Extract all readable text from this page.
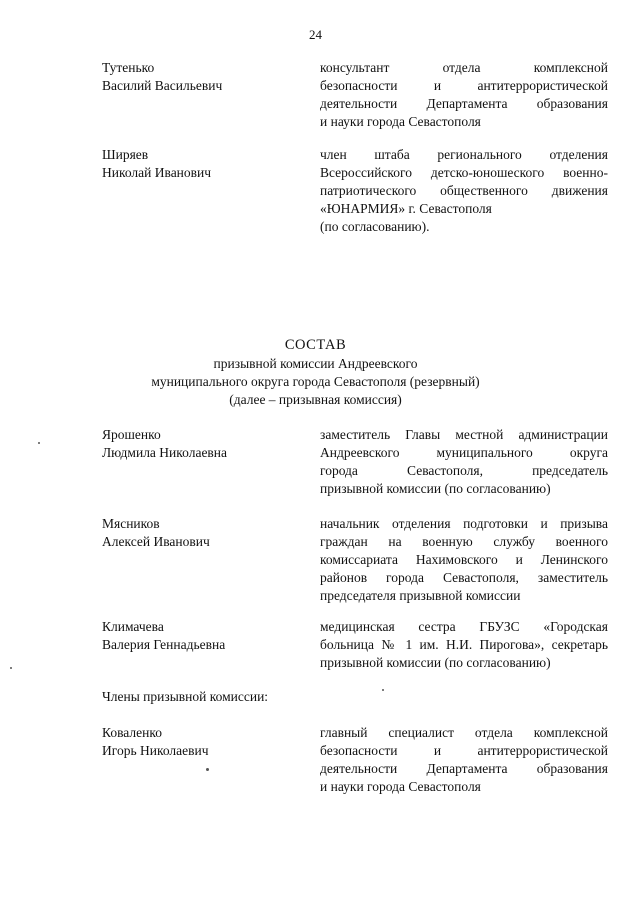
24
Тутенько
Василий Васильевич
консультант отдела комплексной
безопасности и антитеррористической
деятельности Департамента образования
и науки города Севастополя
Ширяев
Николай Иванович
член штаба регионального отделения
Всероссийского детско-юношеского военно-
патриотического общественного движения
«ЮНАРМИЯ» г. Севастополя
(по согласованию).
СОСТАВ
призывной комиссии Андреевского
муниципального округа города Севастополя (резервный)
(далее – призывная комиссия)
Ярошенко
Людмила Николаевна
заместитель Главы местной администрации
Андреевского муниципального округа
города Севастополя, председатель
призывной комиссии (по согласованию)
Мясников
Алексей Иванович
начальник отделения подготовки и призыва
граждан на военную службу военного
комиссариата Нахимовского и Ленинского
районов города Севастополя, заместитель
председателя призывной комиссии
Климачева
Валерия Геннадьевна
медицинская сестра ГБУЗС «Городская
больница № 1 им. Н.И. Пирогова», секретарь
призывной комиссии (по согласованию)
Члены призывной комиссии:
Коваленко
Игорь Николаевич
главный специалист отдела комплексной
безопасности и антитеррористической
деятельности Департамента образования
и науки города Севастополя
